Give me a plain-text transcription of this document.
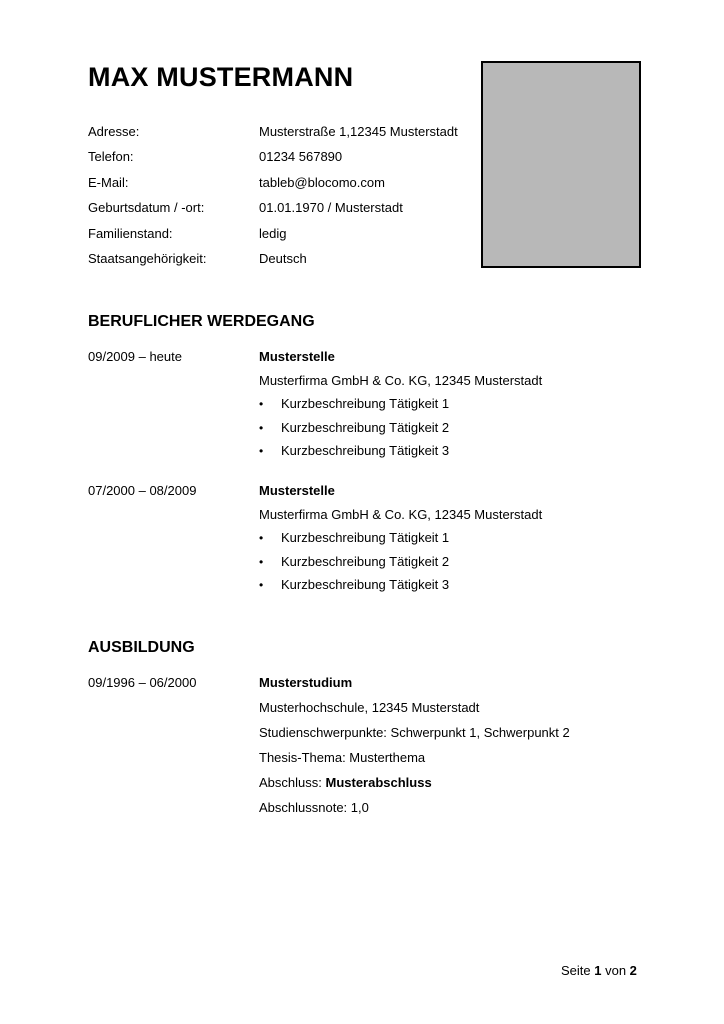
MAX MUSTERMANN
Adresse:	Musterstraße 1,12345 Musterstadt
Telefon:	01234 567890
E-Mail:	tableb@blocomo.com
Geburtsdatum / -ort:	01.01.1970 / Musterstadt
Familienstand:	ledig
Staatsangehörigkeit:	Deutsch
BERUFLICHER WERDEGANG
09/2009 – heute	Musterstelle
Musterfirma GmbH & Co. KG, 12345 Musterstadt
• Kurzbeschreibung Tätigkeit 1
• Kurzbeschreibung Tätigkeit 2
• Kurzbeschreibung Tätigkeit 3
07/2000 – 08/2009	Musterstelle
Musterfirma GmbH & Co. KG, 12345 Musterstadt
• Kurzbeschreibung Tätigkeit 1
• Kurzbeschreibung Tätigkeit 2
• Kurzbeschreibung Tätigkeit 3
AUSBILDUNG
09/1996 – 06/2000	Musterstudium
Musterhochschule, 12345 Musterstadt
Studienschwerpunkte: Schwerpunkt 1, Schwerpunkt 2
Thesis-Thema: Musterthema
Abschluss: Musterabschluss
Abschlussnote: 1,0
Seite 1 von 2
